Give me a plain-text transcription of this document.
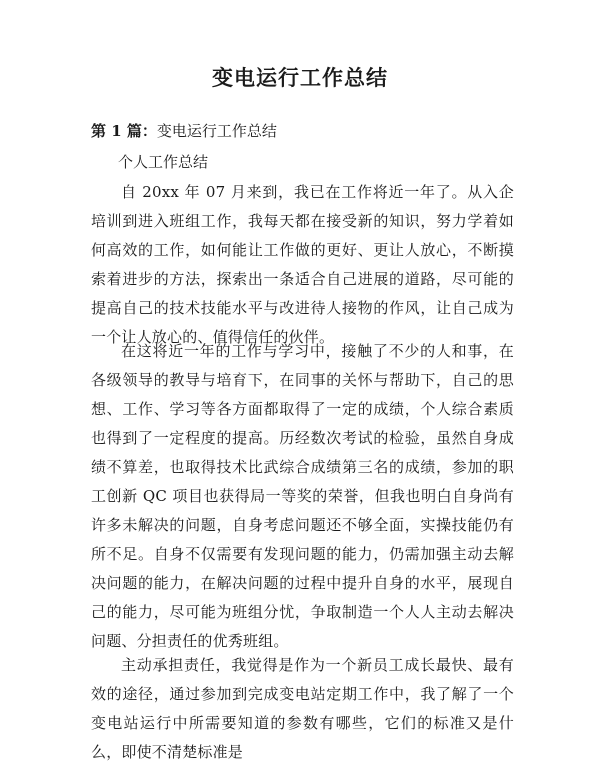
变电运行工作总结

第 1 篇：变电运行工作总结

个人工作总结

自 20xx 年 07 月来到，我已在工作将近一年了。从入企培训到进入班组工作，我每天都在接受新的知识，努力学着如何高效的工作，如何能让工作做的更好、更让人放心，不断摸索着进步的方法，探索出一条适合自己进展的道路，尽可能的提高自己的技术技能水平与改进待人接物的作风，让自己成为一个让人放心的、值得信任的伙伴。

在这将近一年的工作与学习中，接触了不少的人和事，在各级领导的教导与培育下，在同事的关怀与帮助下，自己的思想、工作、学习等各方面都取得了一定的成绩，个人综合素质也得到了一定程度的提高。历经数次考试的检验，虽然自身成绩不算差，也取得技术比武综合成绩第三名的成绩，参加的职工创新 QC 项目也获得局一等奖的荣誉，但我也明白自身尚有许多未解决的问题，自身考虑问题还不够全面，实操技能仍有所不足。自身不仅需要有发现问题的能力，仍需加强主动去解决问题的能力，在解决问题的过程中提升自身的水平，展现自己的能力，尽可能为班组分忧，争取制造一个人人主动去解决问题、分担责任的优秀班组。

主动承担责任，我觉得是作为一个新员工成长最快、最有效的途径，通过参加到完成变电站定期工作中，我了解了一个变电站运行中所需要知道的参数有哪些，它们的标准又是什么，即使不清楚标准是
